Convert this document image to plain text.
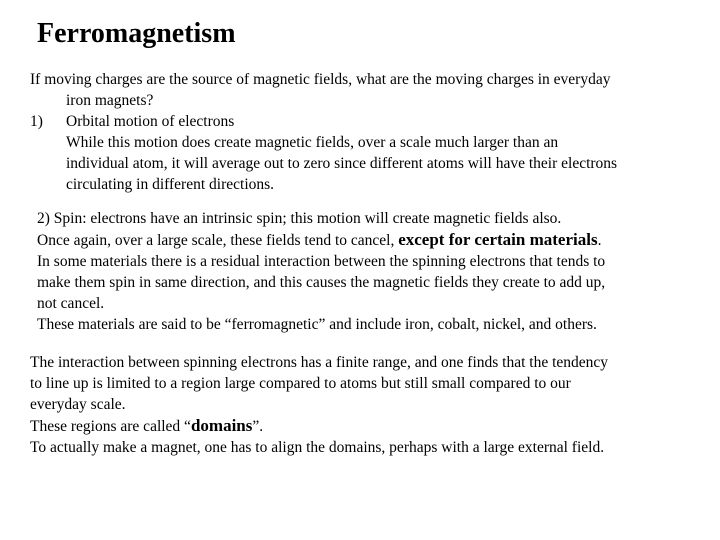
Ferromagnetism
If moving charges are the source of magnetic fields, what are the moving charges in everyday
iron magnets?
1) Orbital motion of electrons
While this motion does create magnetic fields, over a scale much larger than an
individual atom, it will average out to zero since different atoms will have their electrons
circulating in different directions.
2) Spin: electrons have an intrinsic spin; this motion will create magnetic fields also.
Once again, over a large scale, these fields tend to cancel, except for certain materials.
In some materials there is a residual interaction between the spinning electrons that tends to
make them spin in same direction, and this causes the magnetic fields they create to add up,
not cancel.
These materials are said to be “ferromagnetic” and include iron, cobalt, nickel, and others.
The interaction between spinning electrons has a finite range, and one finds that the tendency
to line up is limited to a region large compared to atoms but still small compared to our
everyday scale.
These regions are called “domains”.
To actually make a magnet, one has to align the domains, perhaps with a large external field.
